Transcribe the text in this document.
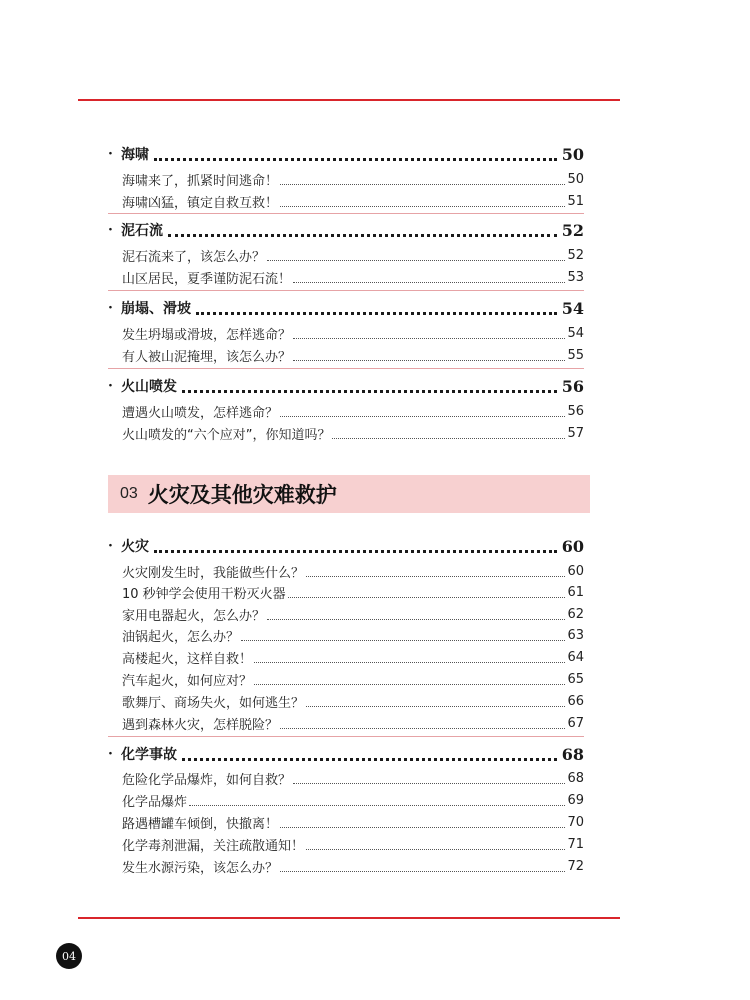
· 海啸	50
海啸来了，抓紧时间逃命！	50
海啸凶猛，镇定自救互救！	51
· 泥石流	52
泥石流来了，该怎么办？	52
山区居民，夏季谨防泥石流！	53
· 崩塌、滑坡	54
发生坍塌或滑坡，怎样逃命？	54
有人被山泥掩埋，该怎么办？	55
· 火山喷发	56
遭遇火山喷发，怎样逃命？	56
火山喷发的“六个应对”，你知道吗？	57
03 火灾及其他灾难救护
· 火灾	60
火灾刚发生时，我能做些什么？	60
10 秒钟学会使用干粉灭火器	61
家用电器起火，怎么办？	62
油锅起火，怎么办？	63
高楼起火，这样自救！	64
汽车起火，如何应对？	65
歌舞厅、商场失火，如何逃生？	66
遇到森林火灾，怎样脱险？	67
· 化学事故	68
危险化学品爆炸，如何自救？	68
化学品爆炸	69
路遇槽罐车倾倒，快撤离！	70
化学毒剂泄漏，关注疏散通知！	71
发生水源污染，该怎么办？	72
04
